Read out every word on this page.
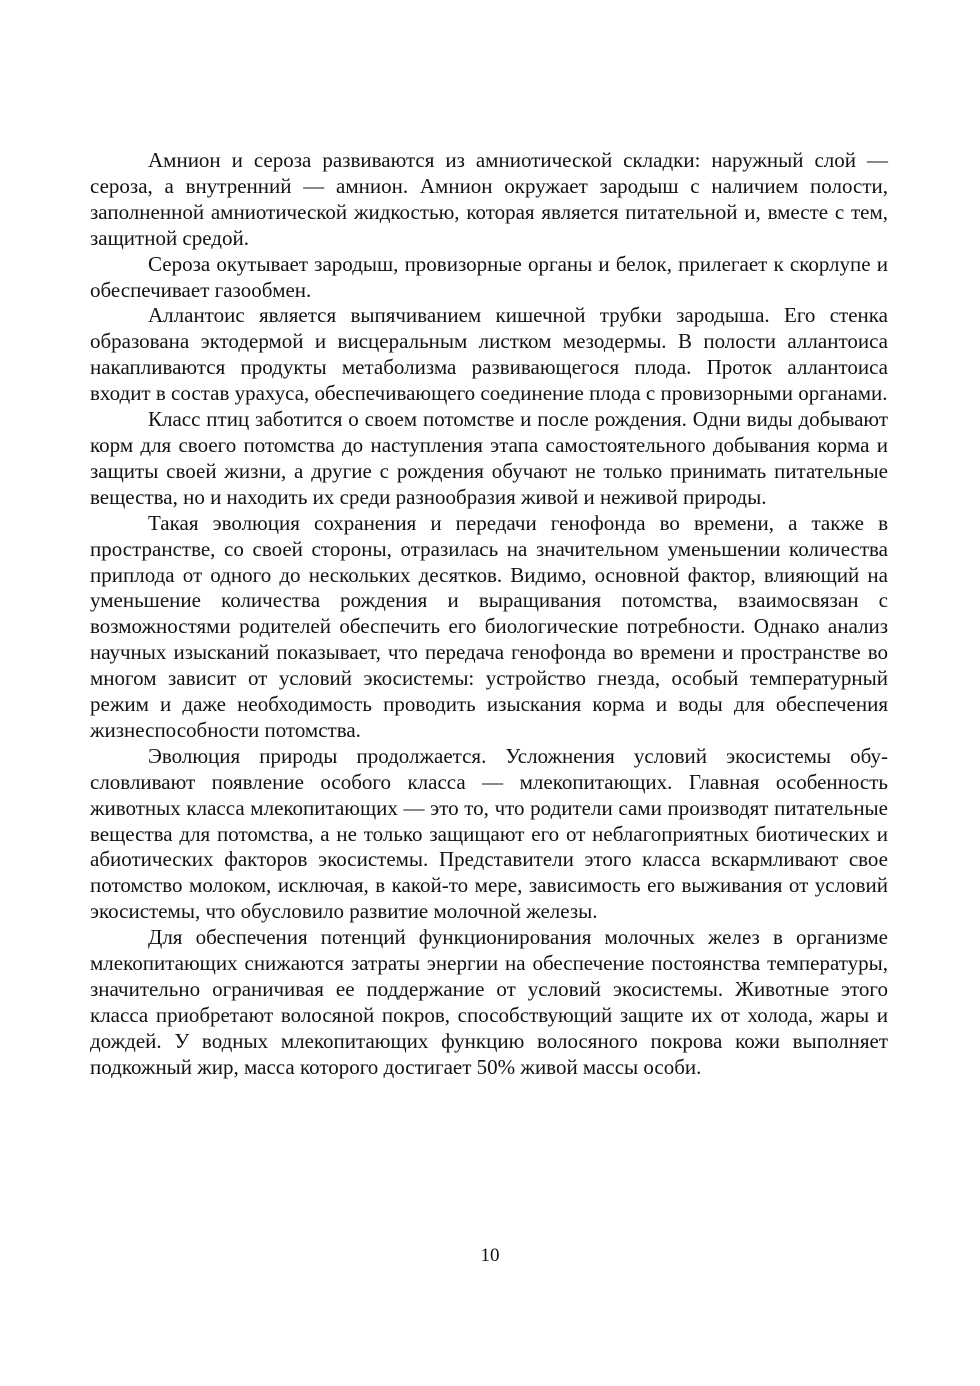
Амнион и сероза развиваются из амниотической складки: наружный слой — сероза, а внутренний — амнион. Амнион окружает зародыш с наличием полости, заполненной амниотической жидкостью, которая является питательной и, вместе с тем, защитной средой.

Сероза окутывает зародыш, провизорные органы и белок, прилегает к скорлупе и обеспечивает газообмен.

Аллантоис является выпячиванием кишечной трубки зародыша. Его стенка образована эктодермой и висцеральным листком мезодермы. В полости аллантоиса накапливаются продукты метаболизма развивающегося плода. Проток аллантоиса входит в состав урахуса, обеспечивающего соединение плода с провизорными органами.

Класс птиц заботится о своем потомстве и после рождения. Одни виды добывают корм для своего потомства до наступления этапа самостоятельного добывания корма и защиты своей жизни, а другие с рождения обучают не только принимать питательные вещества, но и находить их среди разнообразия живой и неживой природы.

Такая эволюция сохранения и передачи генофонда во времени, а также в пространстве, со своей стороны, отразилась на значительном уменьшении количества приплода от одного до нескольких десятков. Видимо, основной фактор, влияющий на уменьшение количества рождения и выращивания потомства, взаимосвязан с возможностями родителей обеспечить его биологические потребности. Однако анализ научных изысканий показывает, что передача генофонда во времени и пространстве во многом зависит от условий экосистемы: устройство гнезда, особый температурный режим и даже необходимость проводить изыскания корма и воды для обеспечения жизнеспособности потомства.

Эволюция природы продолжается. Усложнения условий экосистемы обусловливают появление особого класса — млекопитающих. Главная особенность животных класса млекопитающих — это то, что родители сами производят питательные вещества для потомства, а не только защищают его от неблагоприятных биотических и абиотических факторов экосистемы. Представители этого класса вскармливают свое потомство молоком, исключая, в какой-то мере, зависимость его выживания от условий экосистемы, что обусловило развитие молочной железы.

Для обеспечения потенций функционирования молочных желез в организме млекопитающих снижаются затраты энергии на обеспечение постоянства температуры, значительно ограничивая ее поддержание от условий экосистемы. Животные этого класса приобретают волосяной покров, способствующий защите их от холода, жары и дождей. У водных млекопитающих функцию волосяного покрова кожи выполняет подкожный жир, масса которого достигает 50% живой массы особи.

10
